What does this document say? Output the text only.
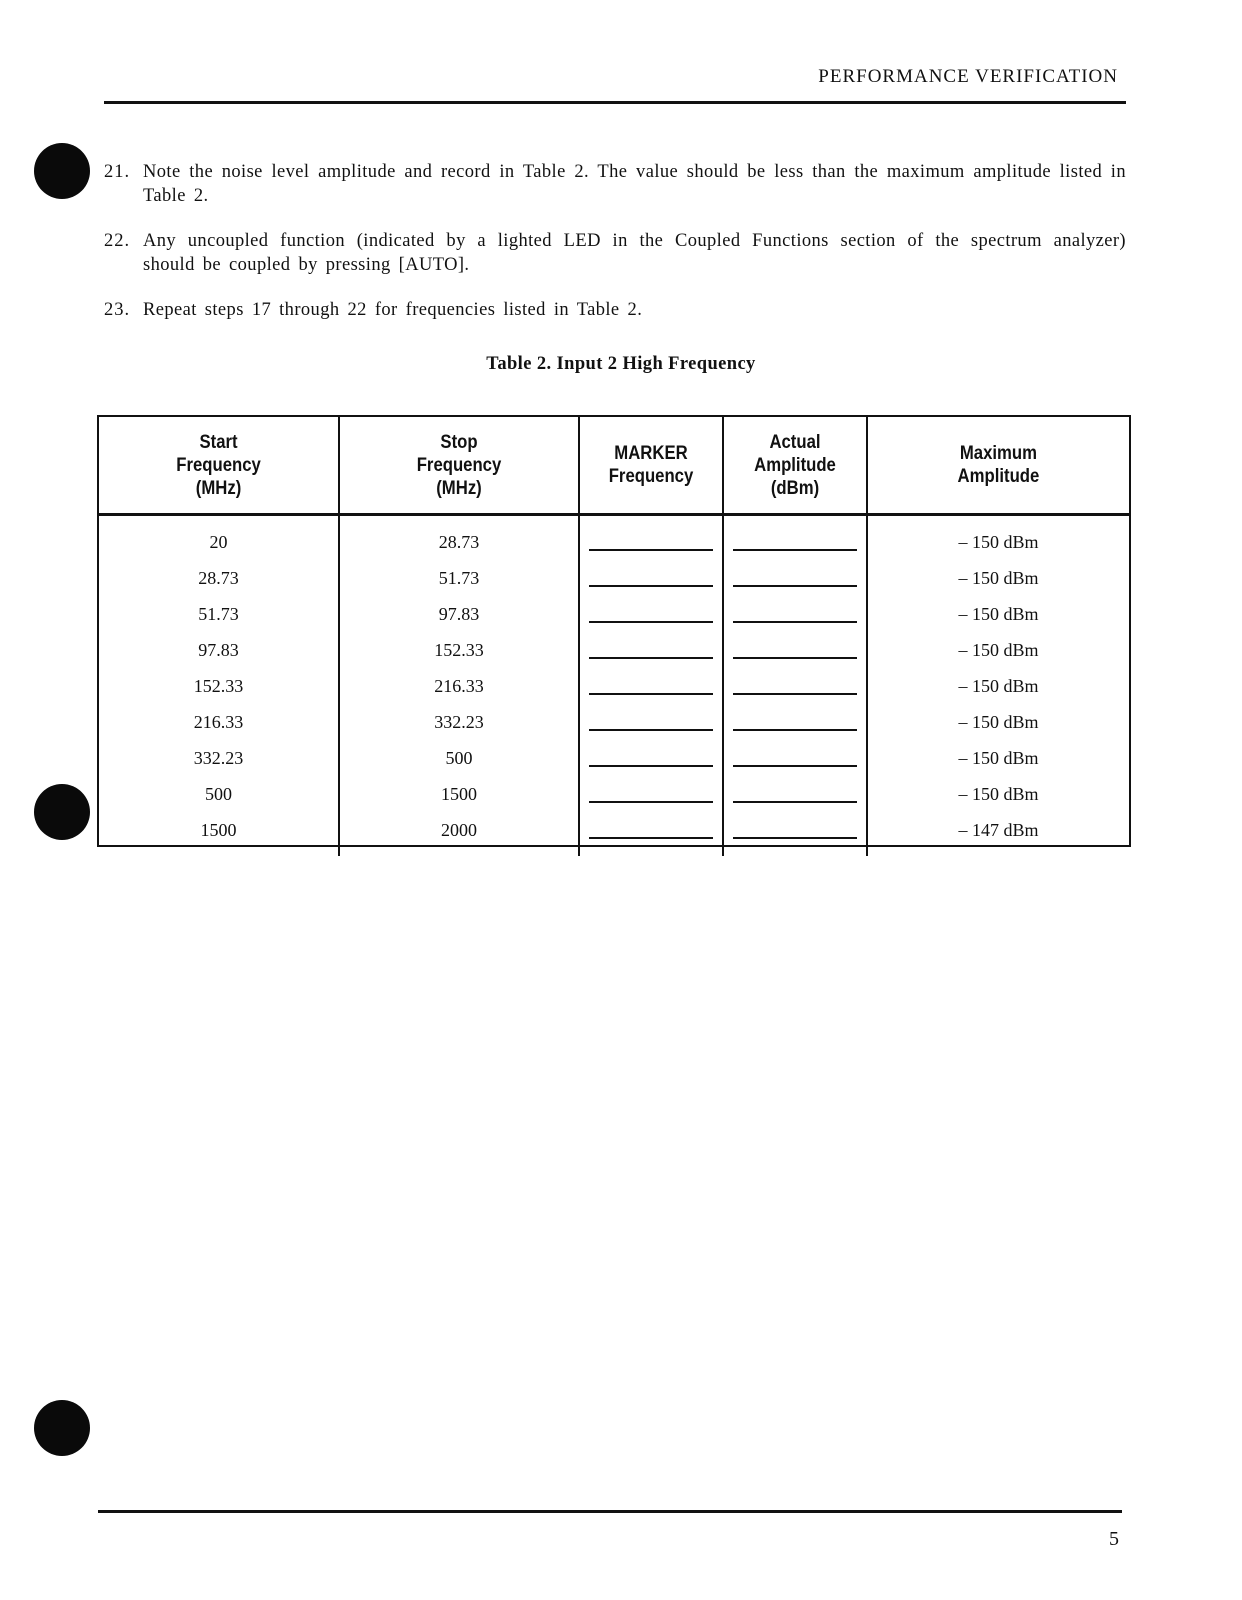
PERFORMANCE VERIFICATION
21. Note the noise level amplitude and record in Table 2. The value should be less than the maximum amplitude listed in Table 2.
22. Any uncoupled function (indicated by a lighted LED in the Coupled Functions section of the spectrum analyzer) should be coupled by pressing [AUTO].
23. Repeat steps 17 through 22 for frequencies listed in Table 2.
Table 2. Input 2 High Frequency
Start
Frequency
(MHz)	Stop
Frequency
(MHz)	MARKER
Frequency	Actual
Amplitude
(dBm)	Maximum
Amplitude
20	28.73			– 150 dBm
28.73	51.73			– 150 dBm
51.73	97.83			– 150 dBm
97.83	152.33			– 150 dBm
152.33	216.33			– 150 dBm
216.33	332.23			– 150 dBm
332.23	500			– 150 dBm
500	1500			– 150 dBm
1500	2000			– 147 dBm
5
